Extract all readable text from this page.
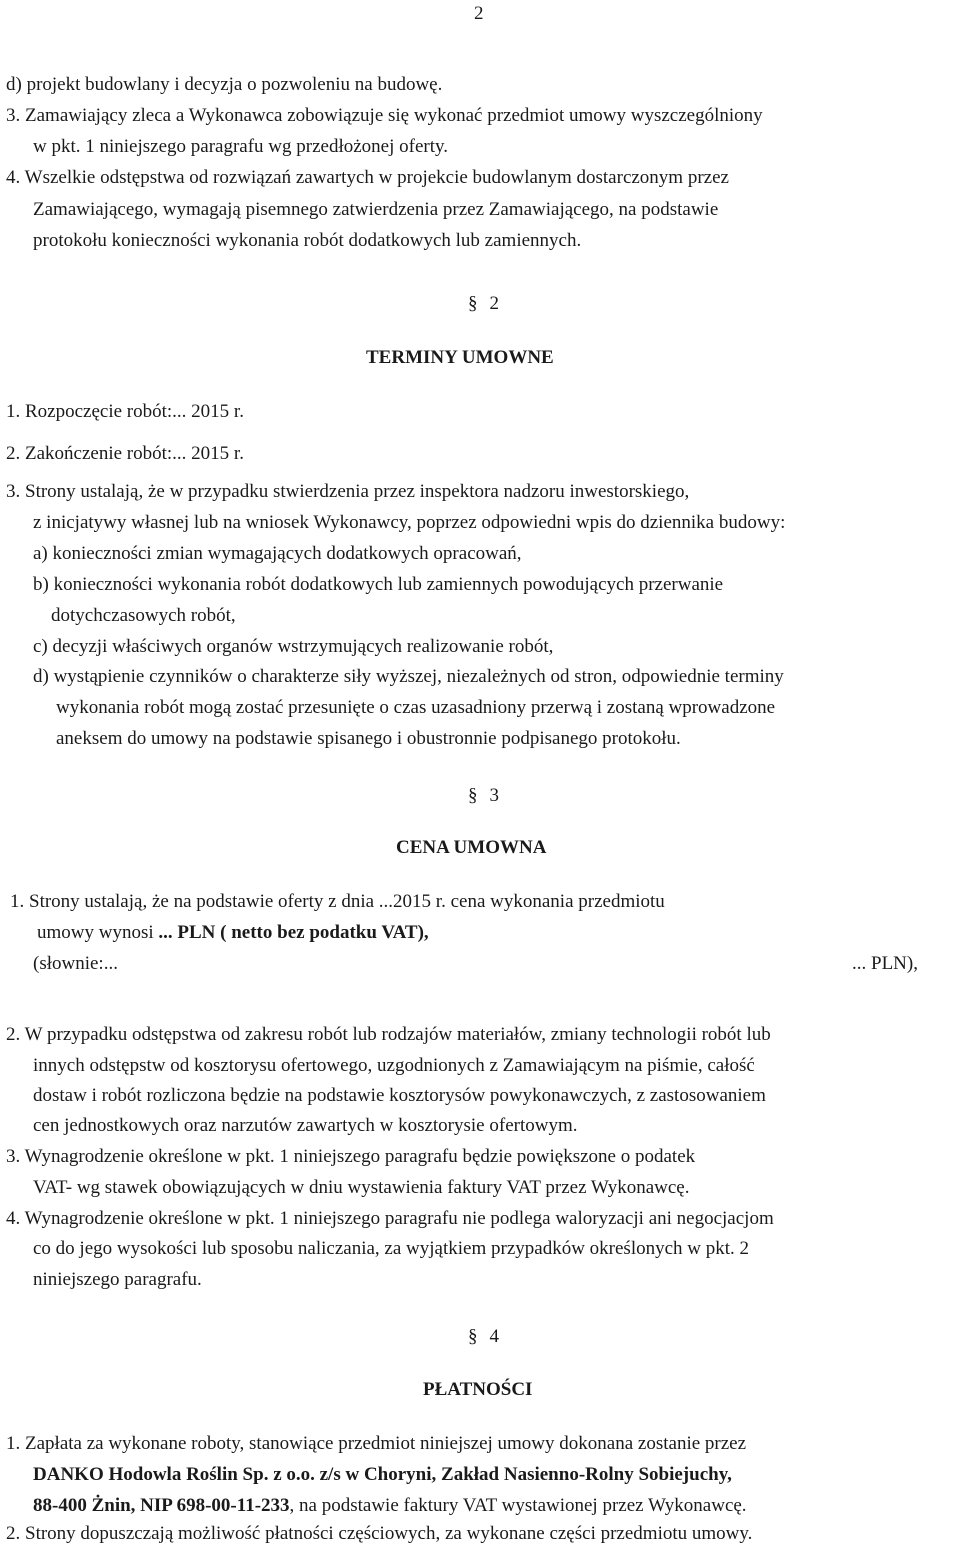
2
d) projekt budowlany i decyzja o pozwoleniu na budowę.
3. Zamawiający zleca a Wykonawca zobowiązuje się wykonać przedmiot umowy wyszczególniony
w pkt. 1 niniejszego paragrafu wg przedłożonej oferty.
4. Wszelkie odstępstwa od rozwiązań zawartych w projekcie budowlanym dostarczonym przez
Zamawiającego, wymagają pisemnego zatwierdzenia przez Zamawiającego, na podstawie
protokołu konieczności wykonania robót dodatkowych lub zamiennych.
§ 2
TERMINY UMOWNE
1. Rozpoczęcie robót:... 2015 r.
2. Zakończenie robót:... 2015 r.
3. Strony ustalają, że w przypadku stwierdzenia przez inspektora nadzoru inwestorskiego,
z inicjatywy własnej lub na wniosek Wykonawcy, poprzez odpowiedni wpis do dziennika budowy:
a) konieczności zmian wymagających dodatkowych opracowań,
b) konieczności wykonania robót dodatkowych lub zamiennych powodujących przerwanie
dotychczasowych robót,
c) decyzji właściwych organów wstrzymujących realizowanie robót,
d) wystąpienie czynników o charakterze siły wyższej, niezależnych od stron, odpowiednie terminy
wykonania robót mogą zostać przesunięte o czas uzasadniony przerwą i zostaną wprowadzone
aneksem do umowy na podstawie spisanego i obustronnie podpisanego protokołu.
§ 3
CENA UMOWNA
1. Strony ustalają, że na podstawie oferty z dnia ...2015 r. cena wykonania przedmiotu
umowy wynosi ... PLN ( netto bez podatku VAT),
(słownie:...	... PLN),
2. W przypadku odstępstwa od zakresu robót lub rodzajów materiałów, zmiany technologii robót lub
innych odstępstw od kosztorysu ofertowego, uzgodnionych z Zamawiającym na piśmie, całość
dostaw i robót rozliczona będzie na podstawie kosztorysów powykonawczych, z zastosowaniem
cen jednostkowych oraz narzutów zawartych w kosztorysie ofertowym.
3. Wynagrodzenie określone w pkt. 1 niniejszego paragrafu będzie powiększone o podatek
VAT- wg stawek obowiązujących w dniu wystawienia faktury VAT przez Wykonawcę.
4. Wynagrodzenie określone w pkt. 1 niniejszego paragrafu nie podlega waloryzacji ani negocjacjom
co do jego wysokości lub sposobu naliczania, za wyjątkiem przypadków określonych w pkt. 2
niniejszego paragrafu.
§ 4
PŁATNOŚCI
1. Zapłata za wykonane roboty, stanowiące przedmiot niniejszej umowy dokonana zostanie przez
DANKO Hodowla Roślin Sp. z o.o. z/s w Choryni, Zakład Nasienno-Rolny Sobiejuchy,
88-400 Żnin, NIP 698-00-11-233, na podstawie faktury VAT wystawionej przez Wykonawcę.
2. Strony dopuszczają możliwość płatności częściowych, za wykonane części przedmiotu umowy.
